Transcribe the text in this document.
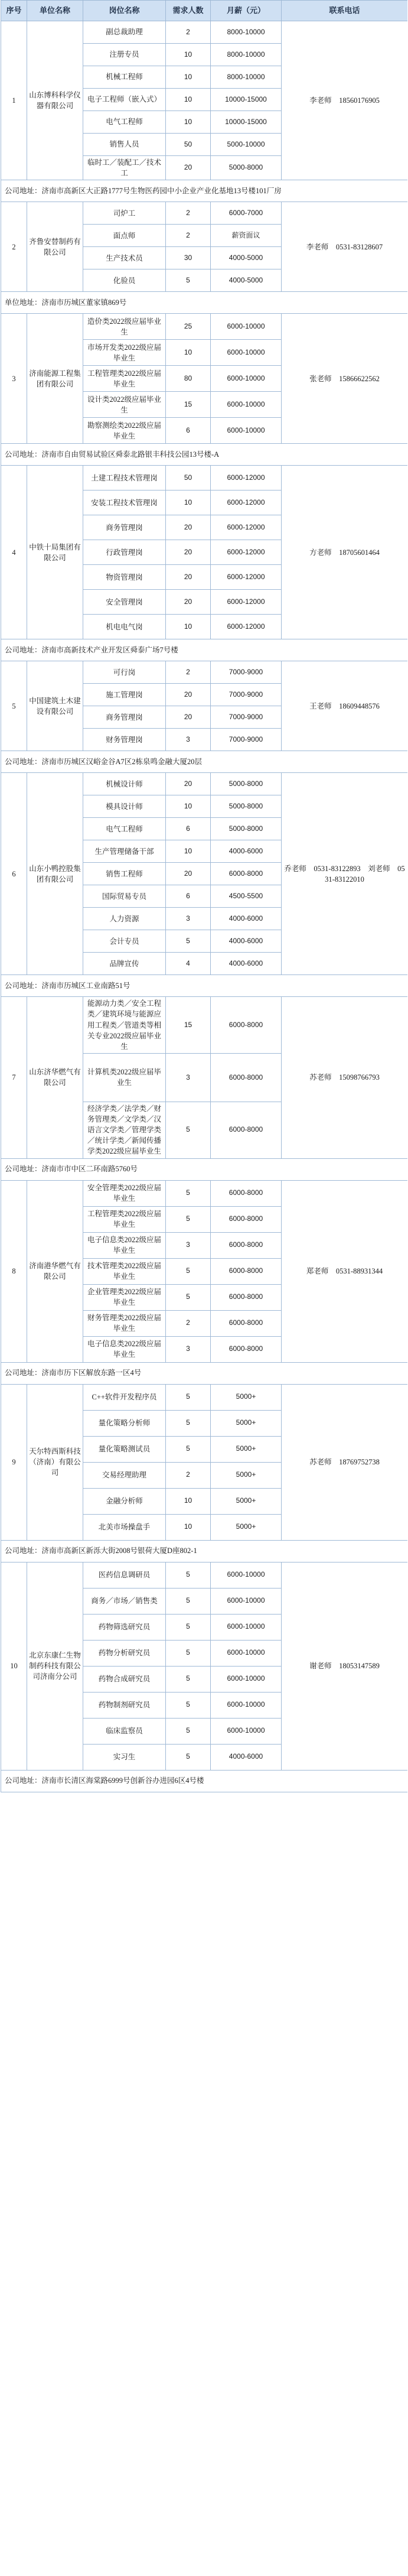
序号	单位名称	岗位名称	需求人数	月薪（元）	联系电话
1	山东博科科学仪器有限公司	副总裁助理	2	8000-10000	李老师　18560176905
		注册专员	10	8000-10000	
		机械工程师	10	8000-10000	
		电子工程师（嵌入式）	10	10000-15000	
		电气工程师	10	10000-15000	
		销售人员	50	5000-10000	
		临时工／装配工／技术工	20	5000-8000	
公司地址：济南市高新区大正路1777号生物医药园中小企业产业化基地13号楼101厂房					
2	齐鲁安替制药有限公司	司炉工	2	6000-7000	李老师　0531-83128607
		面点师	2	薪资面议	
		生产技术员	30	4000-5000	
		化验员	5	4000-5000	
单位地址：济南市历城区董家镇869号					
3	济南能源工程集团有限公司	造价类2022级应届毕业生	25	6000-10000	张老师　15866622562
		市场开发类2022级应届毕业生	10	6000-10000	
		工程管理类2022级应届毕业生	80	6000-10000	
		设计类2022级应届毕业生	15	6000-10000	
		勘察测绘类2022级应届毕业生	6	6000-10000	
公司地址：济南市自由贸易试验区舜泰北路银丰科技公园13号楼-A					
4	中铁十局集团有限公司	土建工程技术管理岗	50	6000-12000	方老师　18705601464
		安装工程技术管理岗	10	6000-12000	
		商务管理岗	20	6000-12000	
		行政管理岗	20	6000-12000	
		物资管理岗	20	6000-12000	
		安全管理岗	20	6000-12000	
		机电电气岗	10	6000-12000	
公司地址：济南市高新技术产业开发区舜泰广场7号楼					
5	中国建筑土木建设有限公司	可行岗	2	7000-9000	王老师　18609448576
		施工管理岗	20	7000-9000	
		商务管理岗	20	7000-9000	
		财务管理岗	3	7000-9000	
公司地址：济南市历城区汉峪金谷A7区2栋泉鸣金融大厦20层					
6	山东小鸭控股集团有限公司	机械设计师	20	5000-8000	乔老师　0531-83122893　刘老师　0531-83122010
		模具设计师	10	5000-8000	
		电气工程师	6	5000-8000	
		生产管理储备干部	10	4000-6000	
		销售工程师	20	6000-8000	
		国际贸易专员	6	4500-5500	
		人力资源	3	4000-6000	
		会计专员	5	4000-6000	
		品牌宣传	4	4000-6000	
公司地址：济南市历城区工业南路51号					
7	山东济华燃气有限公司	能源动力类／安全工程类／建筑环境与能源应用工程类／管道类等相关专业2022级应届毕业生	15	6000-8000	苏老师　15098766793
		计算机类2022级应届毕业生	3	6000-8000	
		经济学类／法学类／财务管理类／文学类／汉语言文学类／管理学类／统计学类／新闻传播学类2022级应届毕业生	5	6000-8000	
公司地址：济南市市中区二环南路5760号					
8	济南港华燃气有限公司	安全管理类2022级应届毕业生	5	6000-8000	郑老师　0531-88931344
		工程管理类2022级应届毕业生	5	6000-8000	
		电子信息类2022级应届毕业生	3	6000-8000	
		技术管理类2022级应届毕业生	5	6000-8000	
		企业管理类2022级应届毕业生	5	6000-8000	
		财务管理类2022级应届毕业生	2	6000-8000	
		电子信息类2022级应届毕业生	3	6000-8000	
公司地址：济南市历下区解放东路一区4号					
9	天尔特西斯科技（济南）有限公司	C++软件开发程序员	5	5000+	苏老师　18769752738
		量化策略分析师	5	5000+	
		量化策略测试员	5	5000+	
		交易经理助理	2	5000+	
		金融分析师	10	5000+	
		北美市场操盘手	10	5000+	
公司地址：济南市高新区新泺大街2008号银荷大厦D座802-1					
10	北京东康仁生物制药科技有限公司济南分公司	医药信息调研员	5	6000-10000	谢老师　18053147589
		商务／市场／销售类	5	6000-10000	
		药物筛选研究员	5	6000-10000	
		药物分析研究员	5	6000-10000	
		药物合成研究员	5	6000-10000	
		药物制剂研究员	5	6000-10000	
		临床监察员	5	6000-10000	
		实习生	5	4000-6000	
公司地址：济南市长清区海棠路6999号创新谷办进园6区4号楼					
